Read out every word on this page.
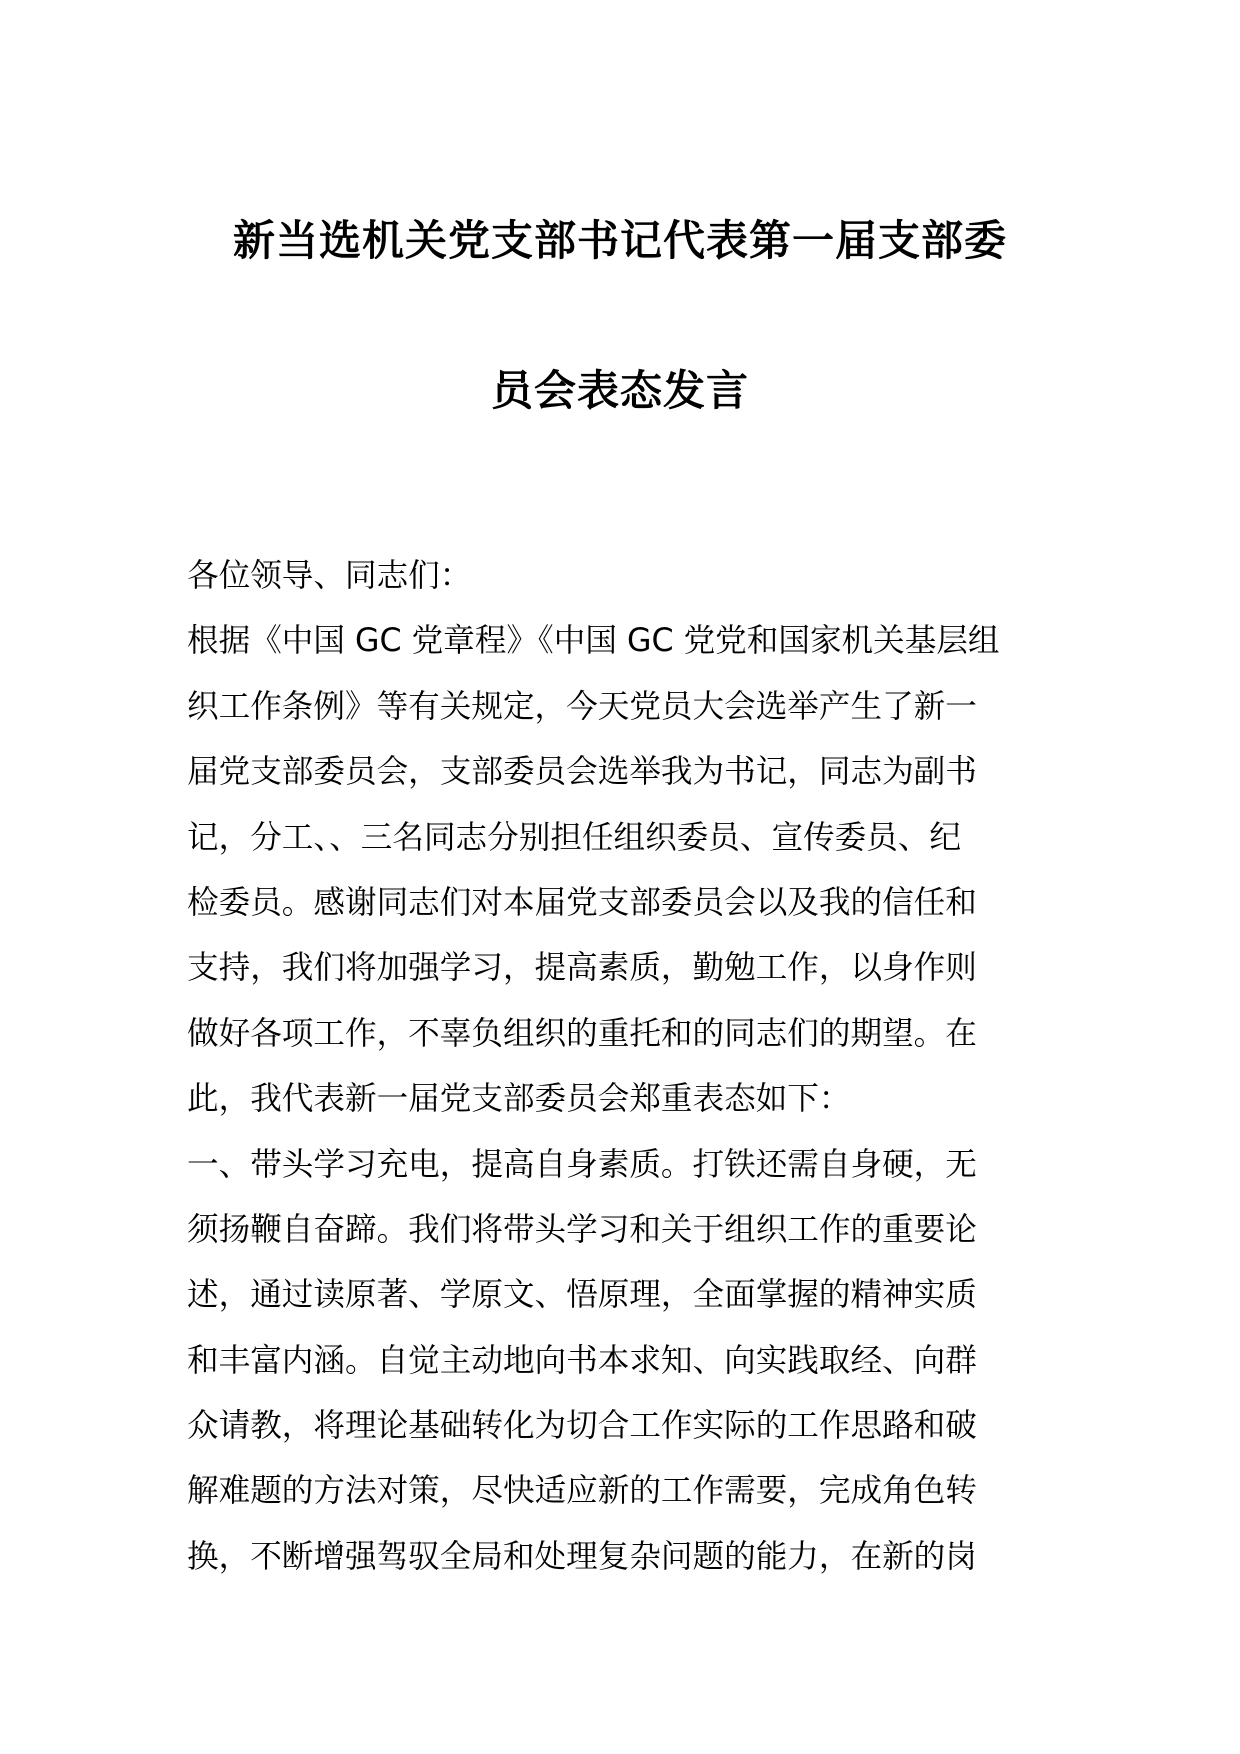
新当选机关党支部书记代表第一届支部委
员会表态发言
各位领导、同志们：
根据《中国 GC 党章程》《中国 GC 党党和国家机关基层组
织工作条例》等有关规定，今天党员大会选举产生了新一
届党支部委员会，支部委员会选举我为书记，同志为副书
记，分工、、三名同志分别担任组织委员、宣传委员、纪
检委员。感谢同志们对本届党支部委员会以及我的信任和
支持，我们将加强学习，提高素质，勤勉工作，以身作则
做好各项工作，不辜负组织的重托和的同志们的期望。在
此，我代表新一届党支部委员会郑重表态如下：
一、带头学习充电，提高自身素质。打铁还需自身硬，无
须扬鞭自奋蹄。我们将带头学习和关于组织工作的重要论
述，通过读原著、学原文、悟原理，全面掌握的精神实质
和丰富内涵。自觉主动地向书本求知、向实践取经、向群
众请教，将理论基础转化为切合工作实际的工作思路和破
解难题的方法对策，尽快适应新的工作需要，完成角色转
换，不断增强驾驭全局和处理复杂问题的能力，在新的岗
